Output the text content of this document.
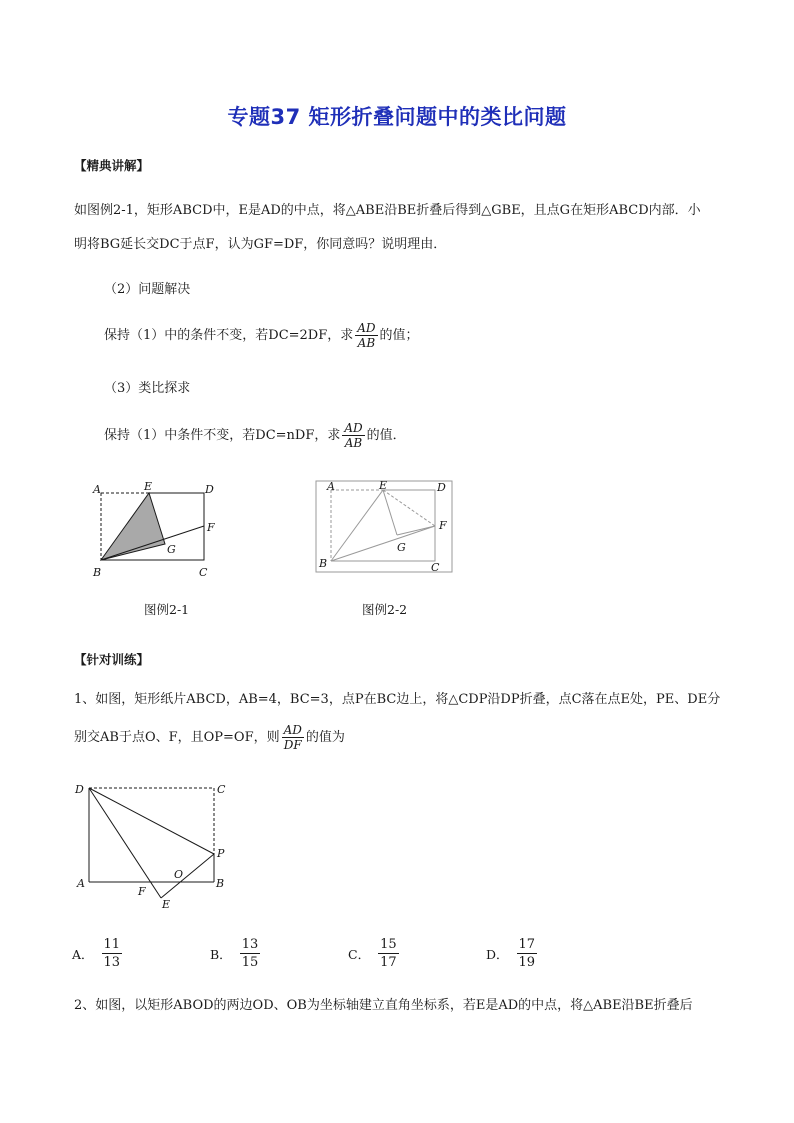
专题37 矩形折叠问题中的类比问题
【精典讲解】
如图例2-1，矩形ABCD中，E是AD的中点，将△ABE沿BE折叠后得到△GBE，且点G在矩形ABCD内部．小
明将BG延长交DC于点F，认为GF=DF，你同意吗？说明理由．
（2）问题解决
保持（1）中的条件不变，若DC=2DF，求 $\frac{AD}{AB}$ 的值；
（3）类比探求
保持（1）中条件不变，若DC=nDF，求 $\frac{AD}{AB}$ 的值．
A	E	D
F
G
B	C
图例2-1
A	E	D
F
G
B	C
图例2-2
【针对训练】
1、如图，矩形纸片ABCD，AB=4，BC=3，点P在BC边上，将△CDP沿DP折叠，点C落在点E处，PE、DE分
别交AB于点O、F，且OP=OF，则 $\frac{AD}{DF}$ 的值为
D	C
P
O
A	B
F
E
A． $\frac{11}{13}$	B． $\frac{13}{15}$	C． $\frac{15}{17}$	D． $\frac{17}{19}$
2、如图，以矩形ABOD的两边OD、OB为坐标轴建立直角坐标系，若E是AD的中点，将△ABE沿BE折叠后
